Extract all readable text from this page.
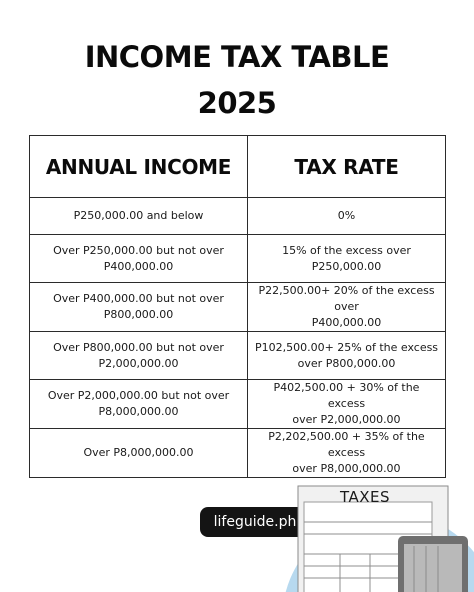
INCOME TAX TABLE
2025
ANNUAL INCOME	TAX RATE
P250,000.00 and below	0%
Over P250,000.00 but not over
P400,000.00	15% of the excess over P250,000.00
Over P400,000.00 but not over
P800,000.00	P22,500.00+ 20% of the excess over
P400,000.00
Over P800,000.00 but not over
P2,000,000.00	P102,500.00+ 25% of the excess
over P800,000.00
Over P2,000,000.00 but not over
P8,000,000.00	P402,500.00 + 30% of the excess
over P2,000,000.00
Over P8,000,000.00	P2,202,500.00 + 35% of the excess
over P8,000,000.00
lifeguide.ph
TAXES
